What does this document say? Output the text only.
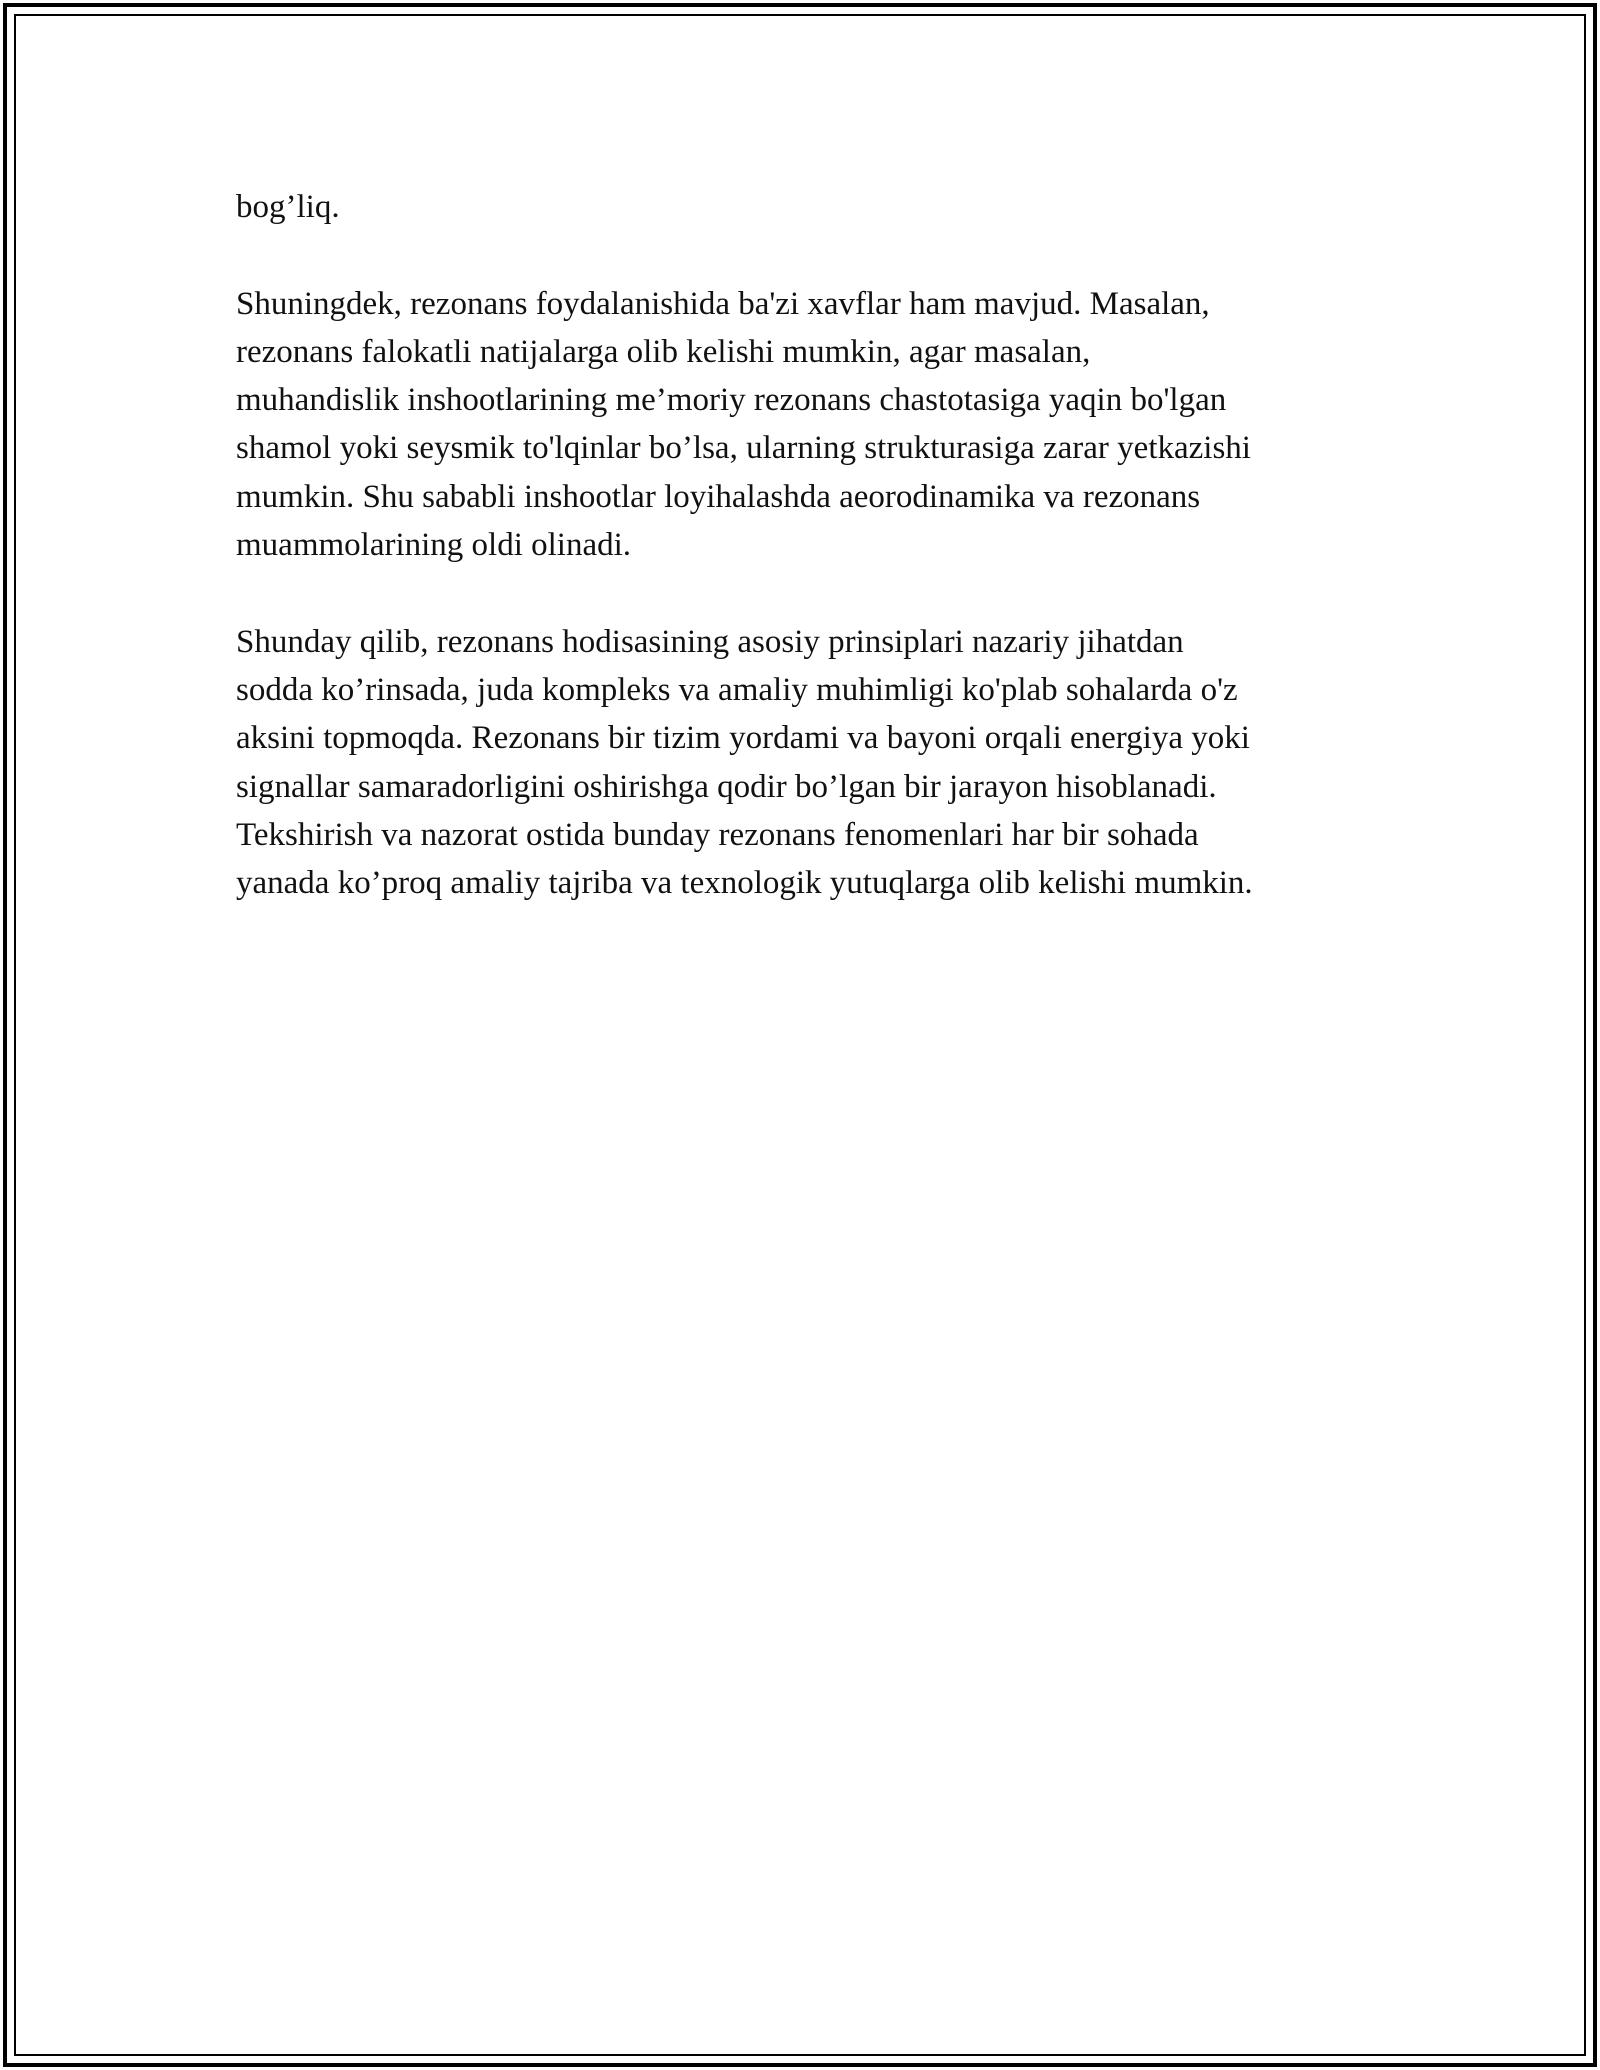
bog’liq.

Shuningdek, rezonans foydalanishida ba'zi xavflar ham mavjud. Masalan,
rezonans falokatli natijalarga olib kelishi mumkin, agar masalan,
muhandislik inshootlarining me’moriy rezonans chastotasiga yaqin bo'lgan
shamol yoki seysmik to'lqinlar bo’lsa, ularning strukturasiga zarar yetkazishi
mumkin. Shu sababli inshootlar loyihalashda aeorodinamika va rezonans
muammolarining oldi olinadi.

Shunday qilib, rezonans hodisasining asosiy prinsiplari nazariy jihatdan
sodda ko’rinsada, juda kompleks va amaliy muhimligi ko'plab sohalarda o'z
aksini topmoqda. Rezonans bir tizim yordami va bayoni orqali energiya yoki
signallar samaradorligini oshirishga qodir bo’lgan bir jarayon hisoblanadi.
Tekshirish va nazorat ostida bunday rezonans fenomenlari har bir sohada
yanada ko’proq amaliy tajriba va texnologik yutuqlarga olib kelishi mumkin.
